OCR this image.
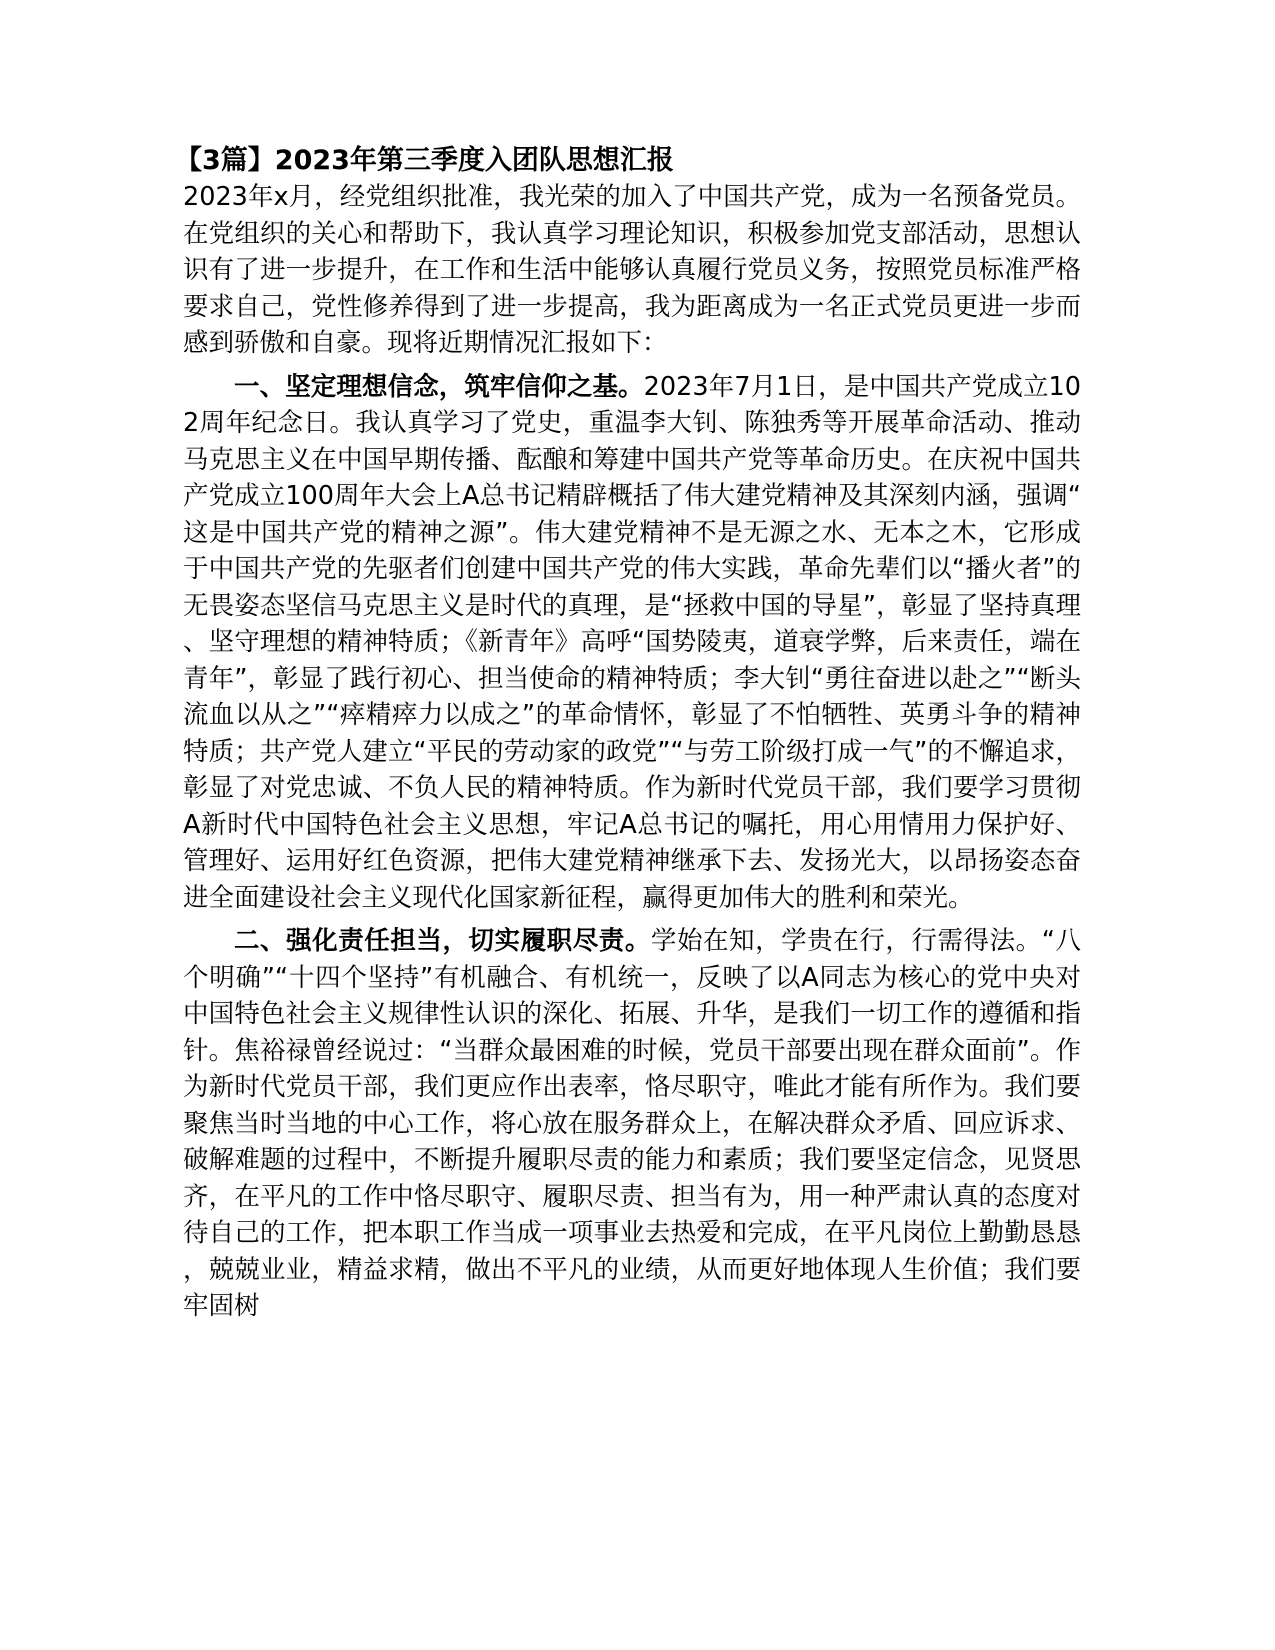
【3篇】2023年第三季度入团队思想汇报

2023年x月，经党组织批准，我光荣的加入了中国共产党，成为一名预备党员。在党组织的关心和帮助下，我认真学习理论知识，积极参加党支部活动，思想认识有了进一步提升，在工作和生活中能够认真履行党员义务，按照党员标准严格要求自己，党性修养得到了进一步提高，我为距离成为一名正式党员更进一步而感到骄傲和自豪。现将近期情况汇报如下：

一、坚定理想信念，筑牢信仰之基。2023年7月1日，是中国共产党成立102周年纪念日。我认真学习了党史，重温李大钊、陈独秀等开展革命活动、推动马克思主义在中国早期传播、酝酿和筹建中国共产党等革命历史。在庆祝中国共产党成立100周年大会上A总书记精辟概括了伟大建党精神及其深刻内涵，强调“这是中国共产党的精神之源”。伟大建党精神不是无源之水、无本之木，它形成于中国共产党的先驱者们创建中国共产党的伟大实践，革命先辈们以“播火者”的无畏姿态坚信马克思主义是时代的真理，是“拯救中国的导星”，彰显了坚持真理、坚守理想的精神特质；《新青年》高呼“国势陵夷，道衰学弊，后来责任，端在青年”，彰显了践行初心、担当使命的精神特质；李大钊“勇往奋进以赴之”“断头流血以从之”“瘁精瘁力以成之”的革命情怀，彰显了不怕牺牲、英勇斗争的精神特质；共产党人建立“平民的劳动家的政党”“与劳工阶级打成一气”的不懈追求，彰显了对党忠诚、不负人民的精神特质。作为新时代党员干部，我们要学习贯彻A新时代中国特色社会主义思想，牢记A总书记的嘱托，用心用情用力保护好、管理好、运用好红色资源，把伟大建党精神继承下去、发扬光大，以昂扬姿态奋进全面建设社会主义现代化国家新征程，赢得更加伟大的胜利和荣光。

二、强化责任担当，切实履职尽责。学始在知，学贵在行，行需得法。“八个明确”“十四个坚持”有机融合、有机统一，反映了以A同志为核心的党中央对中国特色社会主义规律性认识的深化、拓展、升华，是我们一切工作的遵循和指针。焦裕禄曾经说过：“当群众最困难的时候，党员干部要出现在群众面前”。作为新时代党员干部，我们更应作出表率，恪尽职守，唯此才能有所作为。我们要聚焦当时当地的中心工作，将心放在服务群众上，在解决群众矛盾、回应诉求、破解难题的过程中，不断提升履职尽责的能力和素质；我们要坚定信念，见贤思齐，在平凡的工作中恪尽职守、履职尽责、担当有为，用一种严肃认真的态度对待自己的工作，把本职工作当成一项事业去热爱和完成，在平凡岗位上勤勤恳恳，兢兢业业，精益求精，做出不平凡的业绩，从而更好地体现人生价值；我们要牢固树
